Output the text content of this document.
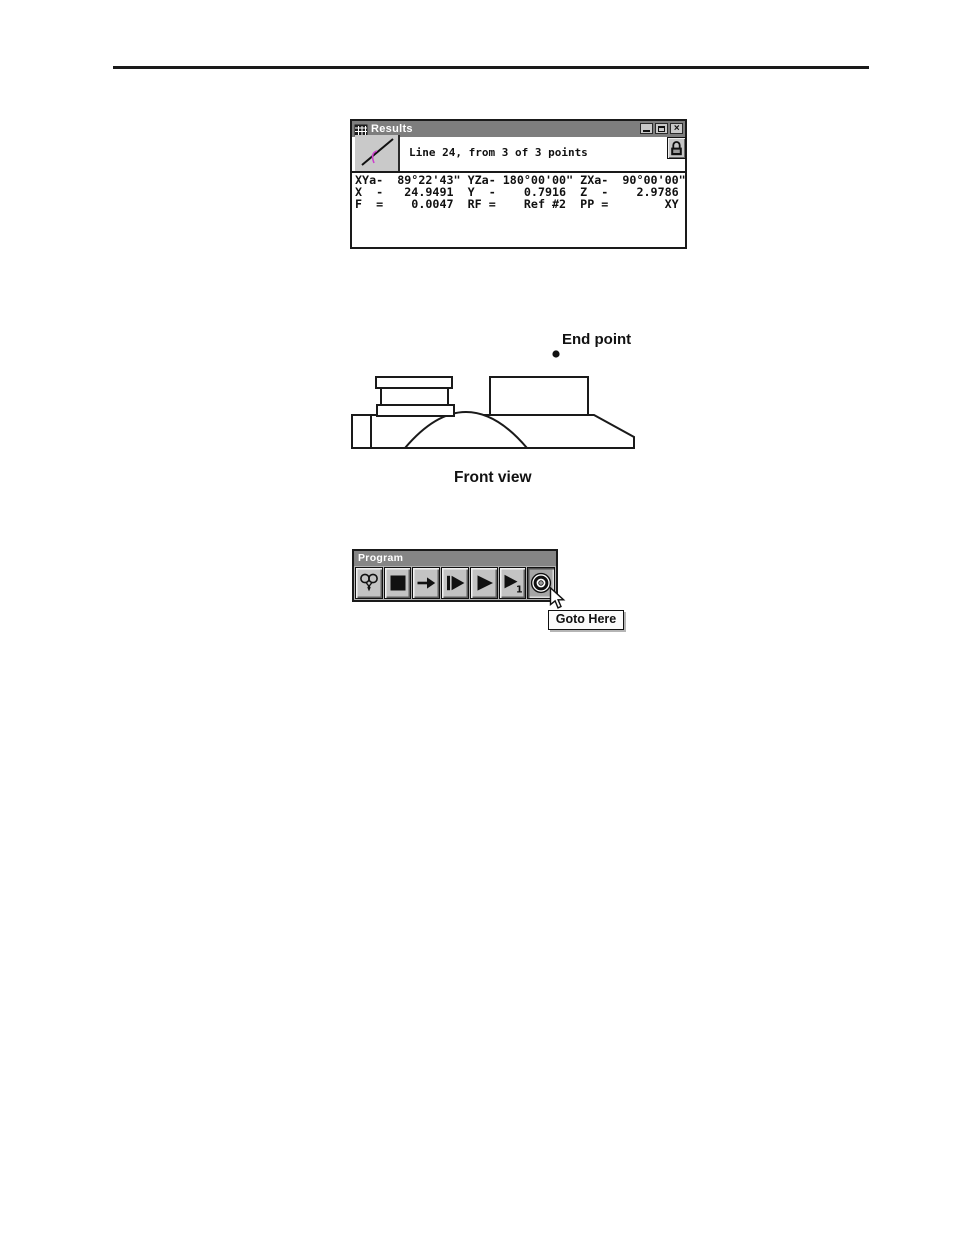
Results	×
Line 24, from 3 of 3 points
XYa-  89°22'43" YZa- 180°00'00" ZXa-  90°00'00"
X  -   24.9491  Y  -    0.7916  Z  -    2.9786
F  =    0.0047  RF =    Ref #2  PP =        XY
End point
Front view
Program
1
Goto Here
